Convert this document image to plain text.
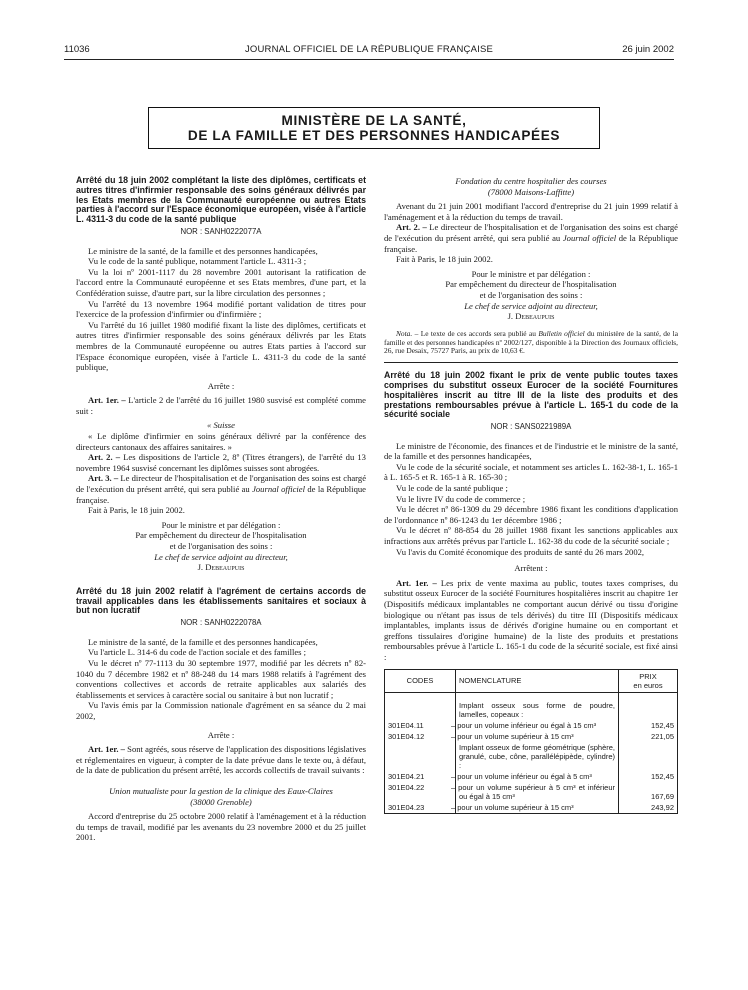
11036	JOURNAL OFFICIEL DE LA RÉPUBLIQUE FRANÇAISE	26 juin 2002
MINISTÈRE DE LA SANTÉ,
DE LA FAMILLE ET DES PERSONNES HANDICAPÉES
Arrêté du 18 juin 2002 complétant la liste des diplômes, certificats et autres titres d'infirmier responsable des soins généraux délivrés par les Etats membres de la Communauté européenne ou autres Etats parties à l'accord sur l'Espace économique européen, visée à l'article L. 4311-3 du code de la santé publique
NOR : SANH0222077A

Le ministre de la santé, de la famille et des personnes handicapées,

Vu le code de la santé publique, notamment l'article L. 4311-3 ;

Vu la loi nº 2001-1117 du 28 novembre 2001 autorisant la ratification de l'accord entre la Communauté européenne et ses Etats membres, d'une part, et la Confédération suisse, d'autre part, sur la libre circulation des personnes ;

Vu l'arrêté du 13 novembre 1964 modifié portant validation de titres pour l'exercice de la profession d'infirmier ou d'infirmière ;

Vu l'arrêté du 16 juillet 1980 modifié fixant la liste des diplômes, certificats et autres titres d'infirmier responsable des soins généraux délivrés par les Etats membres de la Communauté européenne ou autres Etats parties à l'accord sur l'Espace économique européen, visée à l'article L. 4311-3 du code de la santé publique,

Arrête :

Art. 1er. – L'article 2 de l'arrêté du 16 juillet 1980 susvisé est complété comme suit :

« Suisse

« Le diplôme d'infirmier en soins généraux délivré par la conférence des directeurs cantonaux des affaires sanitaires. »

Art. 2. – Les dispositions de l'article 2, 8º (Titres étrangers), de l'arrêté du 13 novembre 1964 susvisé concernant les diplômes suisses sont abrogées.

Art. 3. – Le directeur de l'hospitalisation et de l'organisation des soins est chargé de l'exécution du présent arrêté, qui sera publié au Journal officiel de la République française.

Fait à Paris, le 18 juin 2002.

Pour le ministre et par délégation :

Par empêchement du directeur de l'hospitalisation

et de l'organisation des soins :

Le chef de service adjoint au directeur,

J. Debeaupuis

Arrêté du 18 juin 2002 relatif à l'agrément de certains accords de travail applicables dans les établissements sanitaires et sociaux à but non lucratif
NOR : SANH0222078A

Le ministre de la santé, de la famille et des personnes handicapées,

Vu l'article L. 314-6 du code de l'action sociale et des familles ;

Vu le décret nº 77-1113 du 30 septembre 1977, modifié par les décrets nº 82-1040 du 7 décembre 1982 et nº 88-248 du 14 mars 1988 relatifs à l'agrément des conventions collectives et accords de retraite applicables aux salariés des établissements et services à caractère social ou sanitaire à but non lucratif ;

Vu l'avis émis par la Commission nationale d'agrément en sa séance du 2 mai 2002,

Arrête :

Art. 1er. – Sont agréés, sous réserve de l'application des dispositions législatives et réglementaires en vigueur, à compter de la date prévue dans le texte ou, à défaut, de la date de publication du présent arrêté, les accords collectifs de travail suivants :

Union mutualiste pour la gestion de la clinique des Eaux-Claires

(38000 Grenoble)

Accord d'entreprise du 25 octobre 2000 relatif à l'aménagement et à la réduction du temps de travail, modifié par les avenants du 23 novembre 2000 et du 25 juillet 2001.

Fondation du centre hospitalier des courses

(78000 Maisons-Laffitte)

Avenant du 21 juin 2001 modifiant l'accord d'entreprise du 21 juin 1999 relatif à l'aménagement et à la réduction du temps de travail.

Art. 2. – Le directeur de l'hospitalisation et de l'organisation des soins est chargé de l'exécution du présent arrêté, qui sera publié au Journal officiel de la République française.

Fait à Paris, le 18 juin 2002.

Pour le ministre et par délégation :

Par empêchement du directeur de l'hospitalisation

et de l'organisation des soins :

Le chef de service adjoint au directeur,

J. Debeaupuis

Nota. – Le texte de ces accords sera publié au Bulletin officiel du ministère de la santé, de la famille et des personnes handicapées nº 2002/127, disponible à la Direction des Journaux officiels, 26, rue Desaix, 75727 Paris, au prix de 10,63 €.

Arrêté du 18 juin 2002 fixant le prix de vente public toutes taxes comprises du substitut osseux Eurocer de la société Fournitures hospitalières inscrit au titre III de la liste des produits et des prestations remboursables prévue à l'article L. 165-1 du code de la sécurité sociale
NOR : SANS0221989A

Le ministre de l'économie, des finances et de l'industrie et le ministre de la santé, de la famille et des personnes handicapées,

Vu le code de la sécurité sociale, et notamment ses articles L. 162-38-1, L. 165-1 à L. 165-5 et R. 165-1 à R. 165-30 ;

Vu le code de la santé publique ;

Vu le livre IV du code de commerce ;

Vu le décret nº 86-1309 du 29 décembre 1986 fixant les conditions d'application de l'ordonnance nº 86-1243 du 1er décembre 1986 ;

Vu le décret nº 88-854 du 28 juillet 1988 fixant les sanctions applicables aux infractions aux arrêtés prévus par l'article L. 162-38 du code de la sécurité sociale ;

Vu l'avis du Comité économique des produits de santé du 26 mars 2002,

Arrêtent :

Art. 1er. – Les prix de vente maxima au public, toutes taxes comprises, du substitut osseux Eurocer de la société Fournitures hospitalières inscrit au chapitre 1er (Dispositifs médicaux implantables ne comportant aucun dérivé ou tissu d'origine biologique ou n'étant pas issus de tels dérivés) du titre III (Dispositifs médicaux implantables, implants issus de dérivés d'origine humaine ou en comportant et greffons tissulaires d'origine humaine) de la liste des produits et prestations remboursables prévue à l'article L. 165-1 du code de la sécurité sociale, est fixé ainsi :

CODES	NOMENCLATURE	PRIX
en euros

	Implant osseux sous forme de poudre, lamelles, copeaux :	
301E04.11	– pour un volume inférieur ou égal à 15 cm³	152,45
301E04.12	– pour un volume supérieur à 15 cm³	221,05
	Implant osseux de forme géométrique (sphère, granulé, cube, cône, parallélépipède, cylindre) :	
301E04.21	– pour un volume inférieur ou égal à 5 cm³	152,45
301E04.22	– pour un volume supérieur à 5 cm³ et inférieur ou égal à 15 cm³	167,69
301E04.23	– pour un volume supérieur à 15 cm³	243,92
